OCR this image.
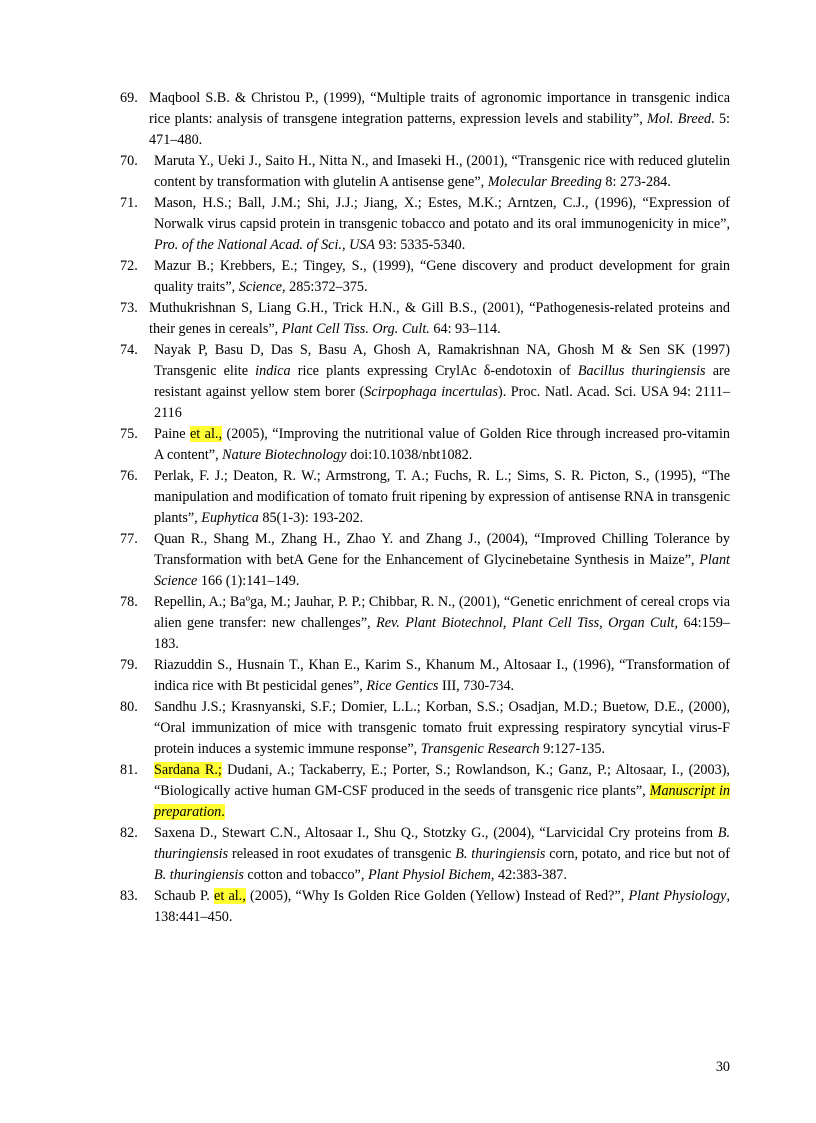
69. Maqbool S.B. & Christou P., (1999), “Multiple traits of agronomic importance in transgenic indica rice plants: analysis of transgene integration patterns, expression levels and stability”, Mol. Breed. 5: 471–480.

70. Maruta Y., Ueki J., Saito H., Nitta N., and Imaseki H., (2001), “Transgenic rice with reduced glutelin content by transformation with glutelin A antisense gene”, Molecular Breeding 8: 273-284.

71. Mason, H.S.; Ball, J.M.; Shi, J.J.; Jiang, X.; Estes, M.K.; Arntzen, C.J., (1996), “Expression of Norwalk virus capsid protein in transgenic tobacco and potato and its oral immunogenicity in mice”, Pro. of the National Acad. of Sci., USA 93: 5335-5340.

72. Mazur B.; Krebbers, E.; Tingey, S., (1999), “Gene discovery and product development for grain quality traits”, Science, 285:372–375.

73. Muthukrishnan S, Liang G.H., Trick H.N., & Gill B.S., (2001), “Pathogenesis-related proteins and their genes in cereals”, Plant Cell Tiss. Org. Cult. 64: 93–114.

74. Nayak P, Basu D, Das S, Basu A, Ghosh A, Ramakrishnan NA, Ghosh M & Sen SK (1997) Transgenic elite indica rice plants expressing CrylAc δ-endotoxin of Bacillus thuringiensis are resistant against yellow stem borer (Scirpophaga incertulas). Proc. Natl. Acad. Sci. USA 94: 2111–2116

75. Paine et al., (2005), “Improving the nutritional value of Golden Rice through increased pro-vitamin A content”, Nature Biotechnology doi:10.1038/nbt1082.

76. Perlak, F. J.; Deaton, R. W.; Armstrong, T. A.; Fuchs, R. L.; Sims, S. R. Picton, S., (1995), “The manipulation and modification of tomato fruit ripening by expression of antisense RNA in transgenic plants”, Euphytica 85(1-3): 193-202.

77. Quan R., Shang M., Zhang H., Zhao Y. and Zhang J., (2004), “Improved Chilling Tolerance by Transformation with betA Gene for the Enhancement of Glycinebetaine Synthesis in Maize”, Plant Science 166 (1):141–149.

78. Repellin, A.; Baºga, M.; Jauhar, P. P.; Chibbar, R. N., (2001), “Genetic enrichment of cereal crops via alien gene transfer: new challenges”, Rev. Plant Biotechnol, Plant Cell Tiss, Organ Cult, 64:159–183.

79. Riazuddin S., Husnain T., Khan E., Karim S., Khanum M., Altosaar I., (1996), “Transformation of indica rice with Bt pesticidal genes”, Rice Gentics III, 730-734.

80. Sandhu J.S.; Krasnyanski, S.F.; Domier, L.L.; Korban, S.S.; Osadjan, M.D.; Buetow, D.E., (2000), “Oral immunization of mice with transgenic tomato fruit expressing respiratory syncytial virus-F protein induces a systemic immune response”, Transgenic Research 9:127-135.

81. Sardana R.; Dudani, A.; Tackaberry, E.; Porter, S.; Rowlandson, K.; Ganz, P.; Altosaar, I., (2003), “Biologically active human GM-CSF produced in the seeds of transgenic rice plants”, Manuscript in preparation.

82. Saxena D., Stewart C.N., Altosaar I., Shu Q., Stotzky G., (2004), “Larvicidal Cry proteins from B. thuringiensis released in root exudates of transgenic B. thuringiensis corn, potato, and rice but not of B. thuringiensis cotton and tobacco”, Plant Physiol Bichem, 42:383-387.

83. Schaub P. et al., (2005), “Why Is Golden Rice Golden (Yellow) Instead of Red?”, Plant Physiology, 138:441–450.

30
